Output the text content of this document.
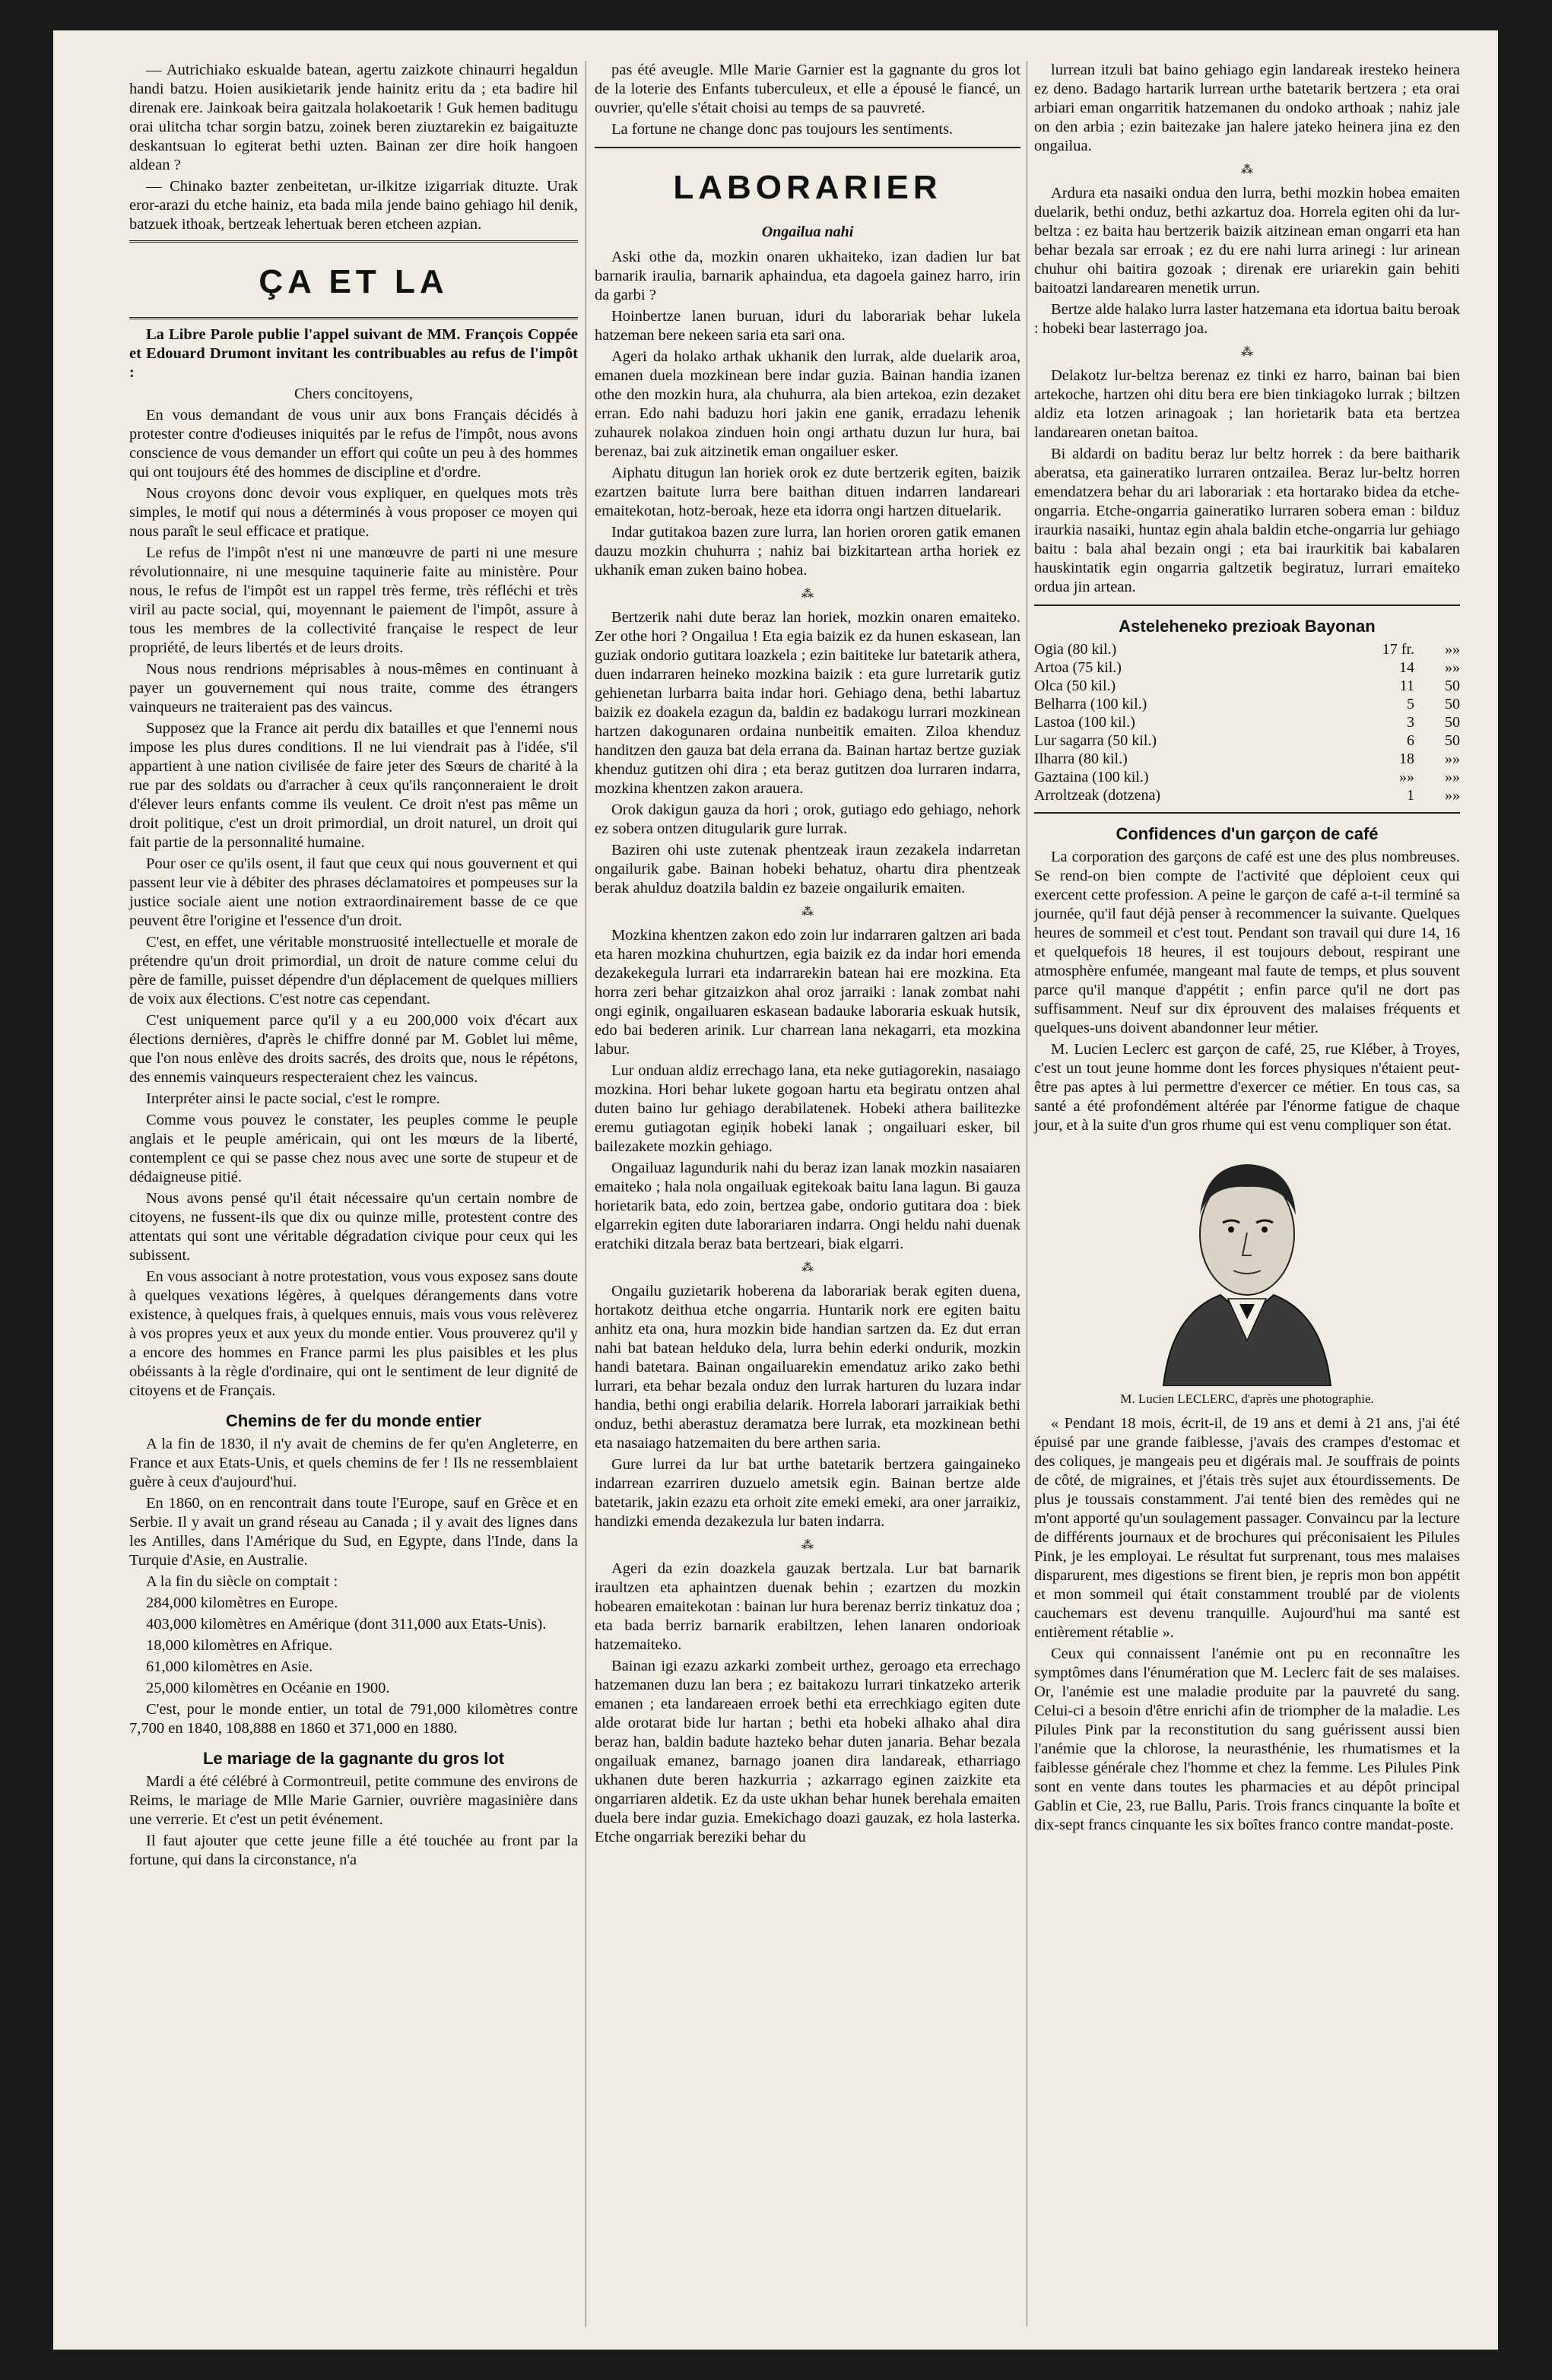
— Autrichiako eskualde batean, agertu zaizkote chinaurri hegaldun handi batzu. Hoien ausikietarik jende hainitz eritu da ; eta badire hil direnak ere. Jainkoak beira gaitzala holakoetarik ! Guk hemen baditugu orai ulitcha tchar sorgin batzu, zoinek beren ziuztarekin ez baigaituzte deskantsuan lo egiterat bethi uzten. Bainan zer dire hoik hangoen aldean ?

— Chinako bazter zenbeitetan, ur-ilkitze izigarriak dituzte. Urak eror-arazi du etche hainiz, eta bada mila jende baino gehiago hil denik, batzuek ithoak, bertzeak lehertuak beren etcheen azpian.

ÇA ET LA

La Libre Parole publie l'appel suivant de MM. François Coppée et Edouard Drumont invitant les contribuables au refus de l'impôt :

Chers concitoyens,

En vous demandant de vous unir aux bons Français décidés à protester contre d'odieuses iniquités par le refus de l'impôt, nous avons conscience de vous demander un effort qui coûte un peu à des hommes qui ont toujours été des hommes de discipline et d'ordre.

Nous croyons donc devoir vous expliquer, en quelques mots très simples, le motif qui nous a déterminés à vous proposer ce moyen qui nous paraît le seul efficace et pratique.

Le refus de l'impôt n'est ni une manœuvre de parti ni une mesure révolutionnaire, ni une mesquine taquinerie faite au ministère. Pour nous, le refus de l'impôt est un rappel très ferme, très réfléchi et très viril au pacte social, qui, moyennant le paiement de l'impôt, assure à tous les membres de la collectivité française le respect de leur propriété, de leurs libertés et de leurs droits.

Nous nous rendrions méprisables à nous-mêmes en continuant à payer un gouvernement qui nous traite, comme des étrangers vainqueurs ne traiteraient pas des vaincus.

Supposez que la France ait perdu dix batailles et que l'ennemi nous impose les plus dures conditions. Il ne lui viendrait pas à l'idée, s'il appartient à une nation civilisée de faire jeter des Sœurs de charité à la rue par des soldats ou d'arracher à ceux qu'ils rançonneraient le droit d'élever leurs enfants comme ils veulent. Ce droit n'est pas même un droit politique, c'est un droit primordial, un droit naturel, un droit qui fait partie de la personnalité humaine.

Pour oser ce qu'ils osent, il faut que ceux qui nous gouvernent et qui passent leur vie à débiter des phrases déclamatoires et pompeuses sur la justice sociale aient une notion extraordinairement basse de ce que peuvent être l'origine et l'essence d'un droit.

C'est, en effet, une véritable monstruosité intellectuelle et morale de prétendre qu'un droit primordial, un droit de nature comme celui du père de famille, puisset dépendre d'un déplacement de quelques milliers de voix aux élections. C'est notre cas cependant.

C'est uniquement parce qu'il y a eu 200,000 voix d'écart aux élections dernières, d'après le chiffre donné par M. Goblet lui même, que l'on nous enlève des droits sacrés, des droits que, nous le répétons, des ennemis vainqueurs respecteraient chez les vaincus.

Interpréter ainsi le pacte social, c'est le rompre.

Comme vous pouvez le constater, les peuples comme le peuple anglais et le peuple américain, qui ont les mœurs de la liberté, contemplent ce qui se passe chez nous avec une sorte de stupeur et de dédaigneuse pitié.

Nous avons pensé qu'il était nécessaire qu'un certain nombre de citoyens, ne fussent-ils que dix ou quinze mille, protestent contre des attentats qui sont une véritable dégradation civique pour ceux qui les subissent.

En vous associant à notre protestation, vous vous exposez sans doute à quelques vexations légères, à quelques dérangements dans votre existence, à quelques frais, à quelques ennuis, mais vous vous relèverez à vos propres yeux et aux yeux du monde entier. Vous prouverez qu'il y a encore des hommes en France parmi les plus paisibles et les plus obéissants à la règle d'ordinaire, qui ont le sentiment de leur dignité de citoyens et de Français.

Chemins de fer du monde entier

A la fin de 1830, il n'y avait de chemins de fer qu'en Angleterre, en France et aux Etats-Unis, et quels chemins de fer ! Ils ne ressemblaient guère à ceux d'aujourd'hui.

En 1860, on en rencontrait dans toute l'Europe, sauf en Grèce et en Serbie. Il y avait un grand réseau au Canada ; il y avait des lignes dans les Antilles, dans l'Amérique du Sud, en Egypte, dans l'Inde, dans la Turquie d'Asie, en Australie.

A la fin du siècle on comptait :

284,000 kilomètres en Europe.

403,000 kilomètres en Amérique (dont 311,000 aux Etats-Unis).

18,000 kilomètres en Afrique.

61,000 kilomètres en Asie.

25,000 kilomètres en Océanie en 1900.

C'est, pour le monde entier, un total de 791,000 kilomètres contre 7,700 en 1840, 108,888 en 1860 et 371,000 en 1880.

Le mariage de la gagnante du gros lot

Mardi a été célébré à Cormontreuil, petite commune des environs de Reims, le mariage de Mlle Marie Garnier, ouvrière magasinière dans une verrerie. Et c'est un petit événement.

Il faut ajouter que cette jeune fille a été touchée au front par la fortune, qui dans la circonstance, n'a

pas été aveugle. Mlle Marie Garnier est la gagnante du gros lot de la loterie des Enfants tuberculeux, et elle a épousé le fiancé, un ouvrier, qu'elle s'était choisi au temps de sa pauvreté.

La fortune ne change donc pas toujours les sentiments.

LABORARIER
Ongailua nahi

Aski othe da, mozkin onaren ukhaiteko, izan dadien lur bat barnarik iraulia, barnarik aphaindua, eta dagoela gainez harro, irin da garbi ?

Hoinbertze lanen buruan, iduri du laborariak behar lukela hatzeman bere nekeen saria eta sari ona.

Ageri da holako arthak ukhanik den lurrak, alde duelarik aroa, emanen duela mozkinean bere indar guzia. Bainan handia izanen othe den mozkin hura, ala chuhurra, ala bien artekoa, ezin dezaket erran. Edo nahi baduzu hori jakin ene ganik, erradazu lehenik zuhaurek nolakoa zinduen hoin ongi arthatu duzun lur hura, bai berenaz, bai zuk aitzinetik eman ongailuer esker.

Aiphatu ditugun lan horiek orok ez dute bertzerik egiten, baizik ezartzen baitute lurra bere baithan dituen indarren landareari emaitekotan, hotz-beroak, heze eta idorra ongi hartzen dituelarik.

Indar gutitakoa bazen zure lurra, lan horien ororen gatik emanen dauzu mozkin chuhurra ; nahiz bai bizkitartean artha horiek ez ukhanik eman zuken baino hobea.

⁂

Bertzerik nahi dute beraz lan horiek, mozkin onaren emaiteko. Zer othe hori ? Ongailua ! Eta egia baizik ez da hunen eskasean, lan guziak ondorio gutitara loazkela ; ezin baititeke lur batetarik athera, duen indarraren heineko mozkina baizik : eta gure lurretarik gutiz gehienetan lurbarra baita indar hori. Gehiago dena, bethi labartuz baizik ez doakela ezagun da, baldin ez badakogu lurrari mozkinean hartzen dakogunaren ordaina nunbeitik emaiten. Ziloa khenduz handitzen den gauza bat dela errana da. Bainan hartaz bertze guziak khenduz gutitzen ohi dira ; eta beraz gutitzen doa lurraren indarra, mozkina khentzen zakon arauera.

Orok dakigun gauza da hori ; orok, gutiago edo gehiago, nehork ez sobera ontzen ditugularik gure lurrak.

Baziren ohi uste zutenak phentzeak iraun zezakela indarretan ongailurik gabe. Bainan hobeki behatuz, ohartu dira phentzeak berak ahulduz doatzila baldin ez bazeie ongailurik emaiten.

⁂

Mozkina khentzen zakon edo zoin lur indarraren galtzen ari bada eta haren mozkina chuhurtzen, egia baizik ez da indar hori emenda dezakekegula lurrari eta indarrarekin batean hai ere mozkina. Eta horra zeri behar gitzaizkon ahal oroz jarraiki : lanak zombat nahi ongi eginik, ongailuaren eskasean badauke laboraria eskuak hutsik, edo bai bederen arinik. Lur charrean lana nekagarri, eta mozkina labur.

Lur onduan aldiz errechago lana, eta neke gutiagorekin, nasaiago mozkina. Hori behar lukete gogoan hartu eta begiratu ontzen ahal duten baino lur gehiago derabilatenek. Hobeki athera bailitezke eremu gutiagotan egiņik hobeki lanak ; ongailuari esker, bil bailezakete mozkin gehiago.

Ongailuaz lagundurik nahi du beraz izan lanak mozkin nasaiaren emaiteko ; hala nola ongailuak egitekoak baitu lana lagun. Bi gauza horietarik bata, edo zoin, bertzea gabe, ondorio gutitara doa : biek elgarrekin egiten dute laborariaren indarra. Ongi heldu nahi duenak eratchiki ditzala beraz bata bertzeari, biak elgarri.

⁂

Ongailu guzietarik hoberena da laborariak berak egiten duena, hortakotz deithua etche ongarria. Huntarik nork ere egiten baitu anhitz eta ona, hura mozkin bide handian sartzen da. Ez dut erran nahi bat batean helduko dela, lurra behin ederki ondurik, mozkin handi batetara. Bainan ongailuarekin emendatuz ariko zako bethi lurrari, eta behar bezala onduz den lurrak harturen du luzara indar handia, bethi ongi erabilia delarik. Horrela laborari jarraikiak bethi onduz, bethi aberastuz deramatza bere lurrak, eta mozkinean bethi eta nasaiago hatzemaiten du bere arthen saria.

Gure lurrei da lur bat urthe batetarik bertzera gaingaineko indarrean ezarriren duzuelo ametsik egin. Bainan bertze alde batetarik, jakin ezazu eta orhoit zite emeki emeki, ara oner jarraikiz, handizki emenda dezakezula lur baten indarra.

⁂

Ageri da ezin doazkela gauzak bertzala. Lur bat barnarik iraultzen eta aphaintzen duenak behin ; ezartzen du mozkin hobearen emaitekotan : bainan lur hura berenaz berriz tinkatuz doa ; eta bada berriz barnarik erabiltzen, lehen lanaren ondorioak hatzemaiteko.

Bainan igi ezazu azkarki zombeit urthez, geroago eta errechago hatzemanen duzu lan bera ; ez baitakozu lurrari tinkatzeko arterik emanen ; eta landareaen erroek bethi eta errechkiago egiten dute alde orotarat bide lur hartan ; bethi eta hobeki alhako ahal dira beraz han, baldin badute hazteko behar duten janaria. Behar bezala ongailuak emanez, barnago joanen dira landareak, etharriago ukhanen dute beren hazkurria ; azkarrago eginen zaizkite eta ongarriaren aldetik. Ez da uste ukhan behar hunek berehala emaiten duela bere indar guzia. Emekichago doazi gauzak, ez hola lasterka. Etche ongarriak bereziki behar du

lurrean itzuli bat baino gehiago egin landareak iresteko heinera ez deno. Badago hartarik lurrean urthe batetarik bertzera ; eta orai arbiari eman ongarritik hatzemanen du ondoko arthoak ; nahiz jale on den arbia ; ezin baitezake jan halere jateko heinera jina ez den ongailua.

⁂

Ardura eta nasaiki ondua den lurra, bethi mozkin hobea emaiten duelarik, bethi onduz, bethi azkartuz doa. Horrela egiten ohi da lur-beltza : ez baita hau bertzerik baizik aitzinean eman ongarri eta han behar bezala sar erroak ; ez du ere nahi lurra arinegi : lur arinean chuhur ohi baitira gozoak ; direnak ere uriarekin gain behiti baitoatzi landarearen menetik urrun.

Bertze alde halako lurra laster hatzemana eta idortua baitu beroak : hobeki bear lasterrago joa.

⁂

Delakotz lur-beltza berenaz ez tinki ez harro, bainan bai bien artekoche, hartzen ohi ditu bera ere bien tinkiagoko lurrak ; biltzen aldiz eta lotzen arinagoak ; lan horietarik bata eta bertzea landarearen onetan baitoa.

Bi aldardi on baditu beraz lur beltz horrek : da bere baitharik aberatsa, eta gaineratiko lurraren ontzailea. Beraz lur-beltz horren emendatzera behar du ari laborariak : eta hortarako bidea da etche-ongarria. Etche-ongarria gaineratiko lurraren sobera eman : bilduz iraurkia nasaiki, huntaz egin ahala baldin etche-ongarria lur gehiago baitu : bala ahal bezain ongi ; eta bai iraurkitik bai kabalaren hauskintatik egin ongarria galtzetik begiratuz, lurrari emaiteko ordua jin artean.

Asteleheneko prezioak Bayonan
Ogia (80 kil.)	17 fr.	»»
Artoa (75 kil.)	14	»»
Olca (50 kil.)	11	50
Belharra (100 kil.)	5	50
Lastoa (100 kil.)	3	50
Lur sagarra (50 kil.)	6	50
Ilharra (80 kil.)	18	»»
Gaztaina (100 kil.)	»»	»»
Arroltzeak (dotzena)	1	»»
Confidences d'un garçon de café

La corporation des garçons de café est une des plus nombreuses. Se rend-on bien compte de l'activité que déploient ceux qui exercent cette profession. A peine le garçon de café a-t-il terminé sa journée, qu'il faut déjà penser à recommencer la suivante. Quelques heures de sommeil et c'est tout. Pendant son travail qui dure 14, 16 et quelquefois 18 heures, il est toujours debout, respirant une atmosphère enfumée, mangeant mal faute de temps, et plus souvent parce qu'il manque d'appétit ; enfin parce qu'il ne dort pas suffisamment. Neuf sur dix éprouvent des malaises fréquents et quelques-uns doivent abandonner leur métier.

M. Lucien Leclerc est garçon de café, 25, rue Kléber, à Troyes, c'est un tout jeune homme dont les forces physiques n'étaient peut-être pas aptes à lui permettre d'exercer ce métier. En tous cas, sa santé a été profondément altérée par l'énorme fatigue de chaque jour, et à la suite d'un gros rhume qui est venu compliquer son état.

M. Lucien LECLERC, d'après une photographie.

« Pendant 18 mois, écrit-il, de 19 ans et demi à 21 ans, j'ai été épuisé par une grande faiblesse, j'avais des crampes d'estomac et des coliques, je mangeais peu et digérais mal. Je souffrais de points de côté, de migraines, et j'étais très sujet aux étourdissements. De plus je toussais constamment. J'ai tenté bien des remèdes qui ne m'ont apporté qu'un soulagement passager. Convaincu par la lecture de différents journaux et de brochures qui préconisaient les Pilules Pink, je les employai. Le résultat fut surprenant, tous mes malaises disparurent, mes digestions se firent bien, je repris mon bon appétit et mon sommeil qui était constamment troublé par de violents cauchemars est devenu tranquille. Aujourd'hui ma santé est entièrement rétablie ».

Ceux qui connaissent l'anémie ont pu en reconnaître les symptômes dans l'énumération que M. Leclerc fait de ses malaises. Or, l'anémie est une maladie produite par la pauvreté du sang. Celui-ci a besoin d'être enrichi afin de triompher de la maladie. Les Pilules Pink par la reconstitution du sang guérissent aussi bien l'anémie que la chlorose, la neurasthénie, les rhumatismes et la faiblesse générale chez l'homme et chez la femme. Les Pilules Pink sont en vente dans toutes les pharmacies et au dépôt principal Gablin et Cie, 23, rue Ballu, Paris. Trois francs cinquante la boîte et dix-sept francs cinquante les six boîtes franco contre mandat-poste.
